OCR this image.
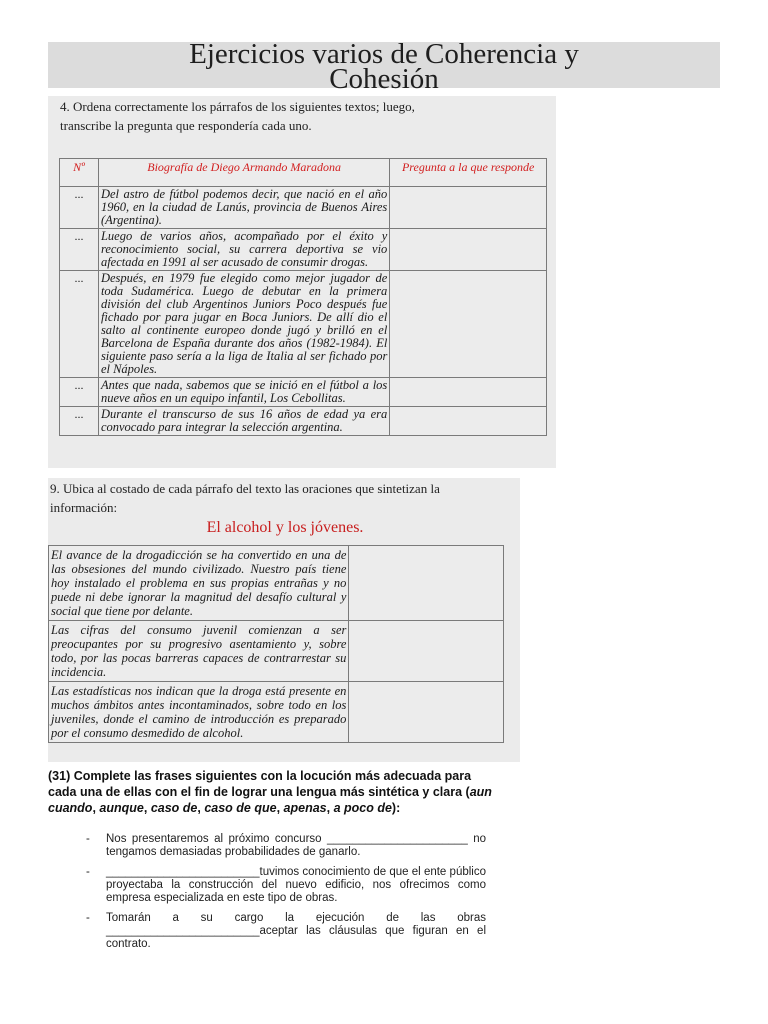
Ejercicios varios de Coherencia y
Cohesión
4. Ordena correctamente los párrafos de los siguientes textos; luego,
transcribe la pregunta que respondería cada uno.
Nº	Biografía de Diego Armando Maradona	Pregunta a la que responde
...	Del astro de fútbol podemos decir, que nació en el año 1960, en la ciudad de Lanús, provincia de Buenos Aires (Argentina).	
...	Luego de varios años, acompañado por el éxito y reconocimiento social, su carrera deportiva se vio afectada en 1991 al ser acusado de consumir drogas.	
...	Después, en 1979 fue elegido como mejor jugador de toda Sudamérica. Luego de debutar en la primera división del club Argentinos Juniors Poco después fue fichado por para jugar en Boca Juniors. De allí dio el salto al continente europeo donde jugó y brilló en el Barcelona de España durante dos años (1982-1984). El siguiente paso sería a la liga de Italia al ser fichado por el Nápoles.	
...	Antes que nada, sabemos que se inició en el fútbol a los nueve años en un equipo infantil, Los Cebollitas.	
...	Durante el transcurso de sus 16 años de edad ya era convocado para integrar la selección argentina.	
9. Ubica al costado de cada párrafo del texto las oraciones que sintetizan la
información:
El alcohol y los jóvenes.
El avance de la drogadicción se ha convertido en una de las obsesiones del mundo civilizado. Nuestro país tiene hoy instalado el problema en sus propias entrañas y no puede ni debe ignorar la magnitud del desafío cultural y social que tiene por delante.	
Las cifras del consumo juvenil comienzan a ser preocupantes por su progresivo asentamiento y, sobre todo, por las pocas barreras capaces de contrarrestar su incidencia.	
Las estadísticas nos indican que la droga está presente en muchos ámbitos antes incontaminados, sobre todo en los juveniles, donde el camino de introducción es preparado por el consumo desmedido de alcohol.	
(31) Complete las frases siguientes con la locución más adecuada para cada una de ellas con el fin de lograr una lengua más sintética y clara (aun cuando, aunque, caso de, caso de que, apenas, a poco de):
- Nos presentaremos al próximo concurso ______________________ no tengamos demasiadas probabilidades de ganarlo.
- ________________________tuvimos conocimiento de que el ente público proyectaba la construcción del nuevo edificio, nos ofrecimos como empresa especializada en este tipo de obras.
- Tomarán a su cargo la ejecución de las obras ________________________aceptar las cláusulas que figuran en el contrato.
